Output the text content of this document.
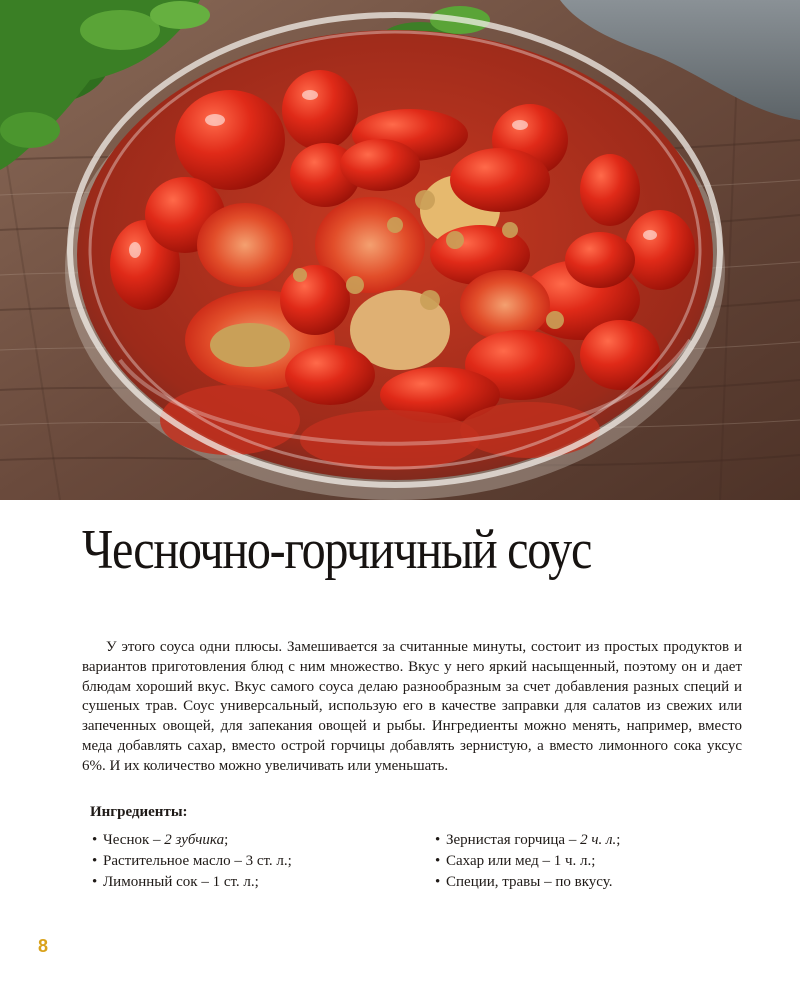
Чесночно-горчичный соус

У этого соуса одни плюсы. Замешивается за считанные минуты, состоит из простых продуктов и вариантов приготовления блюд с ним множество. Вкус у него яркий насыщенный, поэтому он и дает блюдам хороший вкус. Вкус самого соуса делаю разнообразным за счет добавления разных специй и сушеных трав. Соус универсальный, использую его в качестве заправки для салатов из свежих или запеченных овощей, для запекания овощей и рыбы. Ингредиенты можно менять, например, вместо меда добавлять сахар, вместо острой горчицы добавлять зернистую, а вместо лимонного сока уксус 6%. И их количество можно увеличивать или уменьшать.

Ингредиенты:

• Чеснок – 2 зубчика;
• Растительное масло – 3 ст. л.;
• Лимонный сок – 1 ст. л.;
• Зернистая горчица – 2 ч. л.;
• Сахар или мед – 1 ч. л.;
• Специи, травы – по вкусу.

8
